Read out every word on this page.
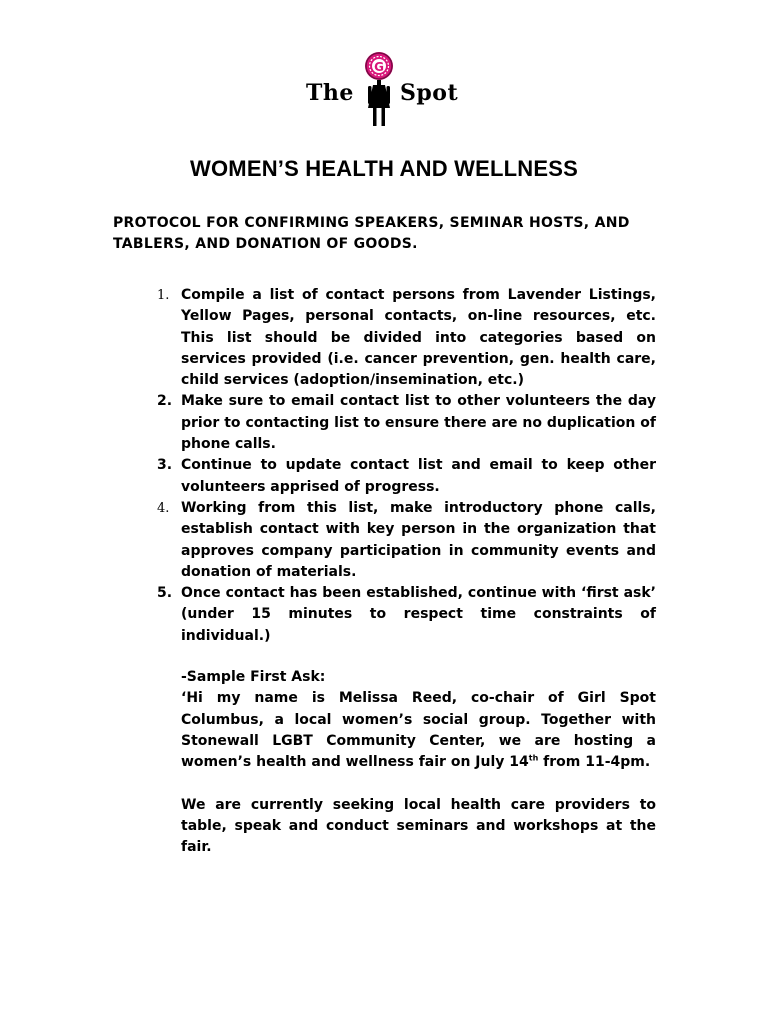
The
G
Spot
WOMEN’S HEALTH AND WELLNESS
PROTOCOL FOR CONFIRMING SPEAKERS, SEMINAR HOSTS, AND TABLERS, AND DONATION OF GOODS.
1. Compile a list of contact persons from Lavender Listings, Yellow Pages, personal contacts, on-line resources, etc. This list should be divided into categories based on services provided (i.e. cancer prevention, gen. health care, child services (adoption/insemination, etc.)
2. Make sure to email contact list to other volunteers the day prior to contacting list to ensure there are no duplication of phone calls.
3. Continue to update contact list and email to keep other volunteers apprised of progress.
4. Working from this list, make introductory phone calls, establish contact with key person in the organization that approves company participation in community events and donation of materials.
5. Once contact has been established, continue with ‘first ask’ (under 15 minutes to respect time constraints of individual.)

-Sample First Ask:

‘Hi my name is Melissa Reed, co-chair of Girl Spot Columbus, a local women’s social group. Together with Stonewall LGBT Community Center, we are hosting a women’s health and wellness fair on July 14th from 11-4pm.

We are currently seeking local health care providers to table, speak and conduct seminars and workshops at the fair.
